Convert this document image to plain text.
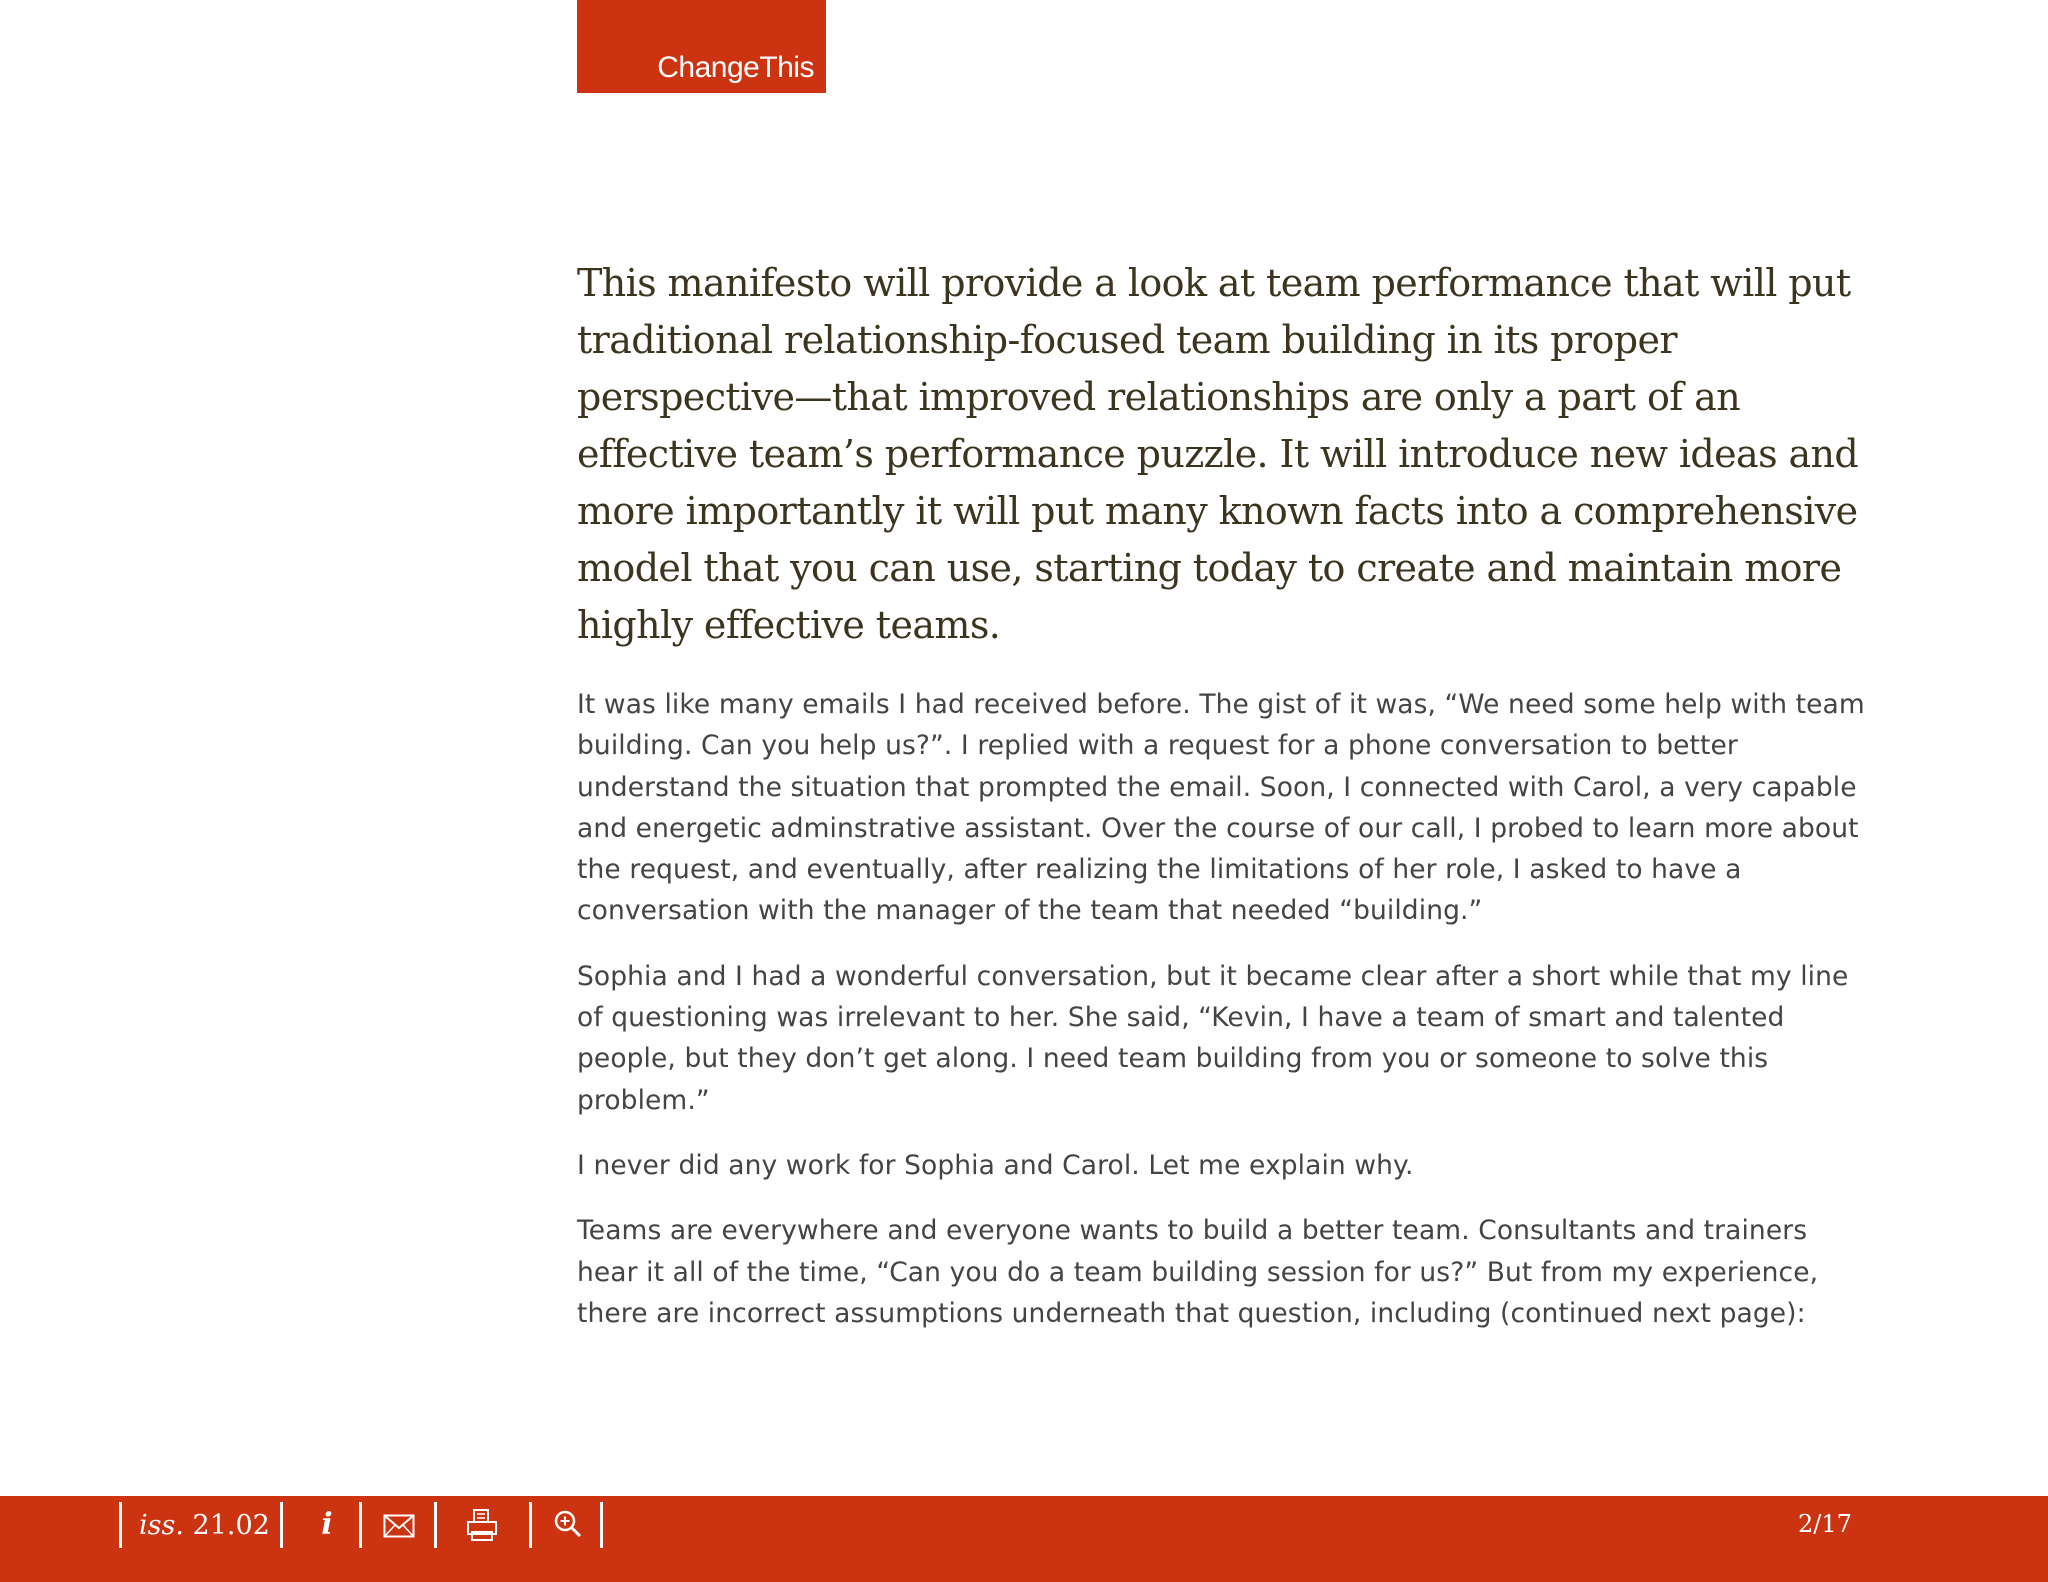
ChangeThis

This manifesto will provide a look at team performance that will put traditional relationship-focused team building in its proper perspective—that improved relationships are only a part of an effective team’s performance puzzle. It will introduce new ideas and more importantly it will put many known facts into a comprehensive model that you can use, starting today to create and maintain more highly effective teams.

It was like many emails I had received before. The gist of it was, “We need some help with team building. Can you help us?”. I replied with a request for a phone conversation to better understand the situation that prompted the email. Soon, I connected with Carol, a very capable and energetic adminstrative assistant. Over the course of our call, I probed to learn more about the request, and eventually, after realizing the limitations of her role, I asked to have a conversation with the manager of the team that needed “building.”

Sophia and I had a wonderful conversation, but it became clear after a short while that my line of questioning was irrelevant to her. She said, “Kevin, I have a team of smart and talented people, but they don’t get along. I need team building from you or someone to solve this problem.”

I never did any work for Sophia and Carol. Let me explain why.

Teams are everywhere and everyone wants to build a better team. Consultants and trainers hear it all of the time, “Can you do a team building session for us?” But from my experience, there are incorrect assumptions underneath that question, including (continued next page):

iss. 21.02 i	2/17
